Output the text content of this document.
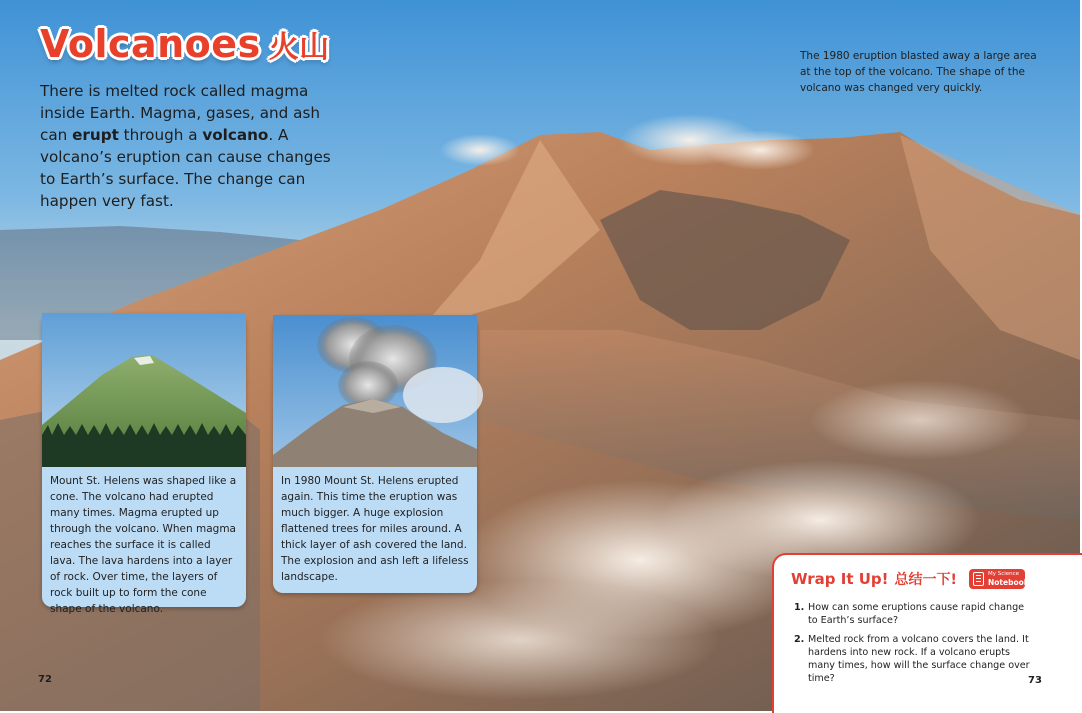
Volcanoes 火山
There is melted rock called magma inside Earth. Magma, gases, and ash can erupt through a volcano. A volcano’s eruption can cause changes to Earth’s surface. The change can happen very fast.
The 1980 eruption blasted away a large area at the top of the volcano. The shape of the volcano was changed very quickly.
Mount St. Helens was shaped like a cone. The volcano had erupted many times. Magma erupted up through the volcano. When magma reaches the surface it is called lava. The lava hardens into a layer of rock. Over time, the layers of rock built up to form the cone shape of the volcano.
In 1980 Mount St. Helens erupted again. This time the eruption was much bigger. A huge explosion flattened trees for miles around. A thick layer of ash covered the land. The explosion and ash left a lifeless landscape.
72
Wrap It Up! 总结一下!	My Science
Notebook
1. How can some eruptions cause rapid change to Earth’s surface?
2. Melted rock from a volcano covers the land. It hardens into new rock. If a volcano erupts many times, how will the surface change over time?	73
